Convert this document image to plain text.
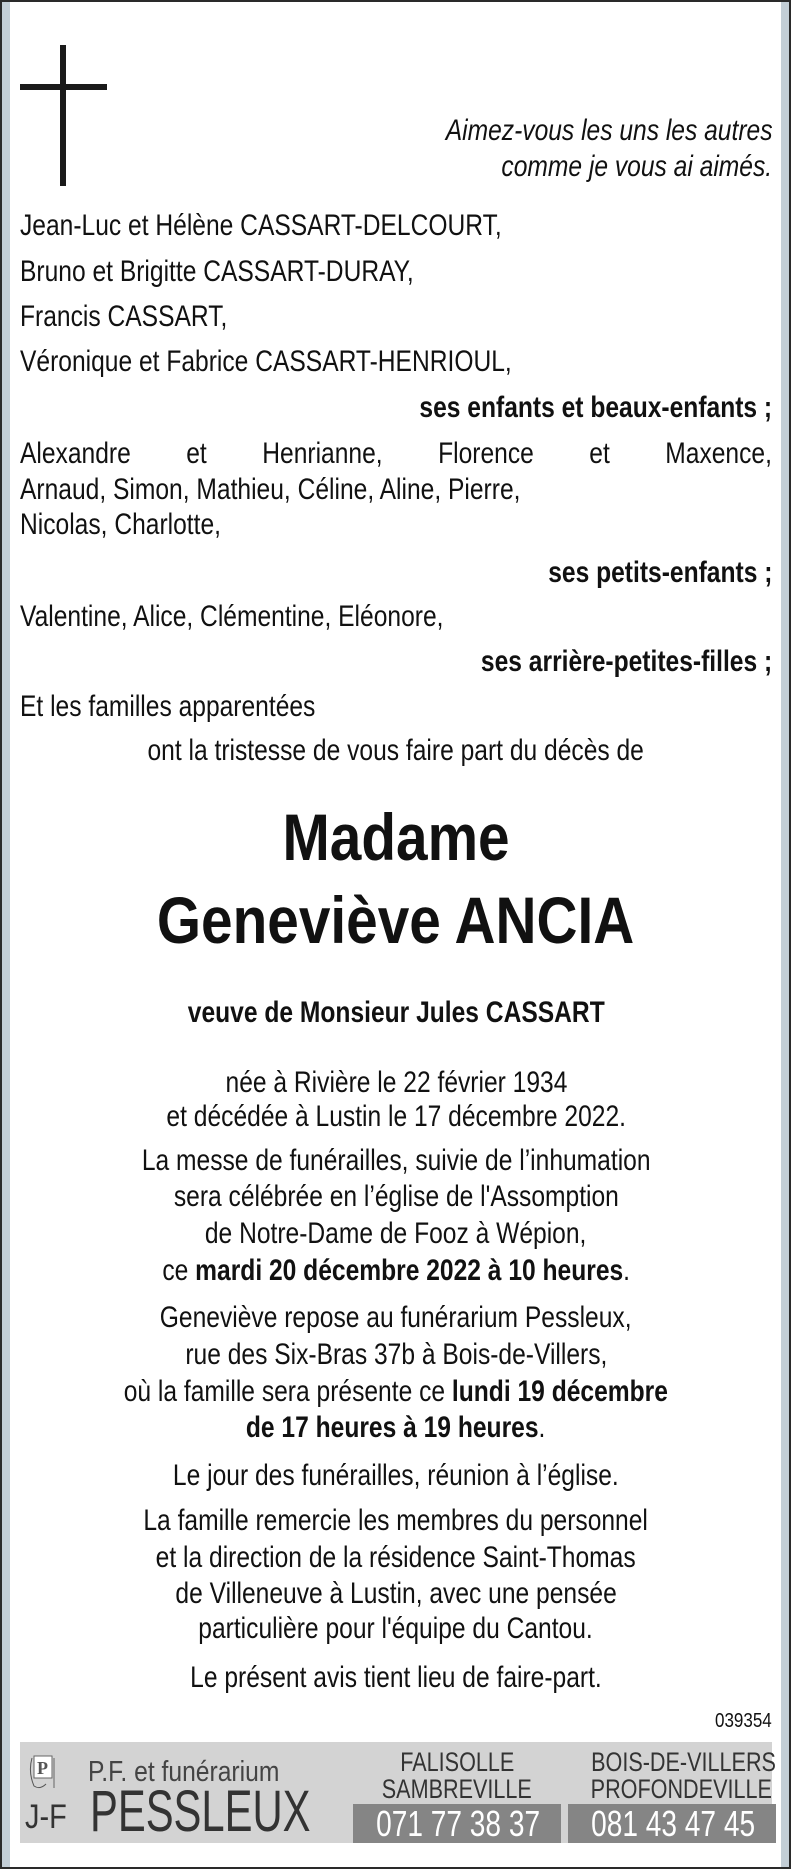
Aimez-vous les uns les autres
comme je vous ai aimés.
Jean-Luc et Hélène CASSART-DELCOURT,
Bruno et Brigitte CASSART-DURAY,
Francis CASSART,
Véronique et Fabrice CASSART-HENRIOUL,
ses enfants et beaux-enfants ;
Alexandre et Henrianne, Florence et Maxence,
Arnaud, Simon, Mathieu, Céline, Aline, Pierre,
Nicolas, Charlotte,
ses petits-enfants ;
Valentine, Alice, Clémentine, Eléonore,
ses arrière-petites-filles ;
Et les familles apparentées
ont la tristesse de vous faire part du décès de
Madame
Geneviève ANCIA
veuve de Monsieur Jules CASSART
née à Rivière le 22 février 1934
et décédée à Lustin le 17 décembre 2022.
La messe de funérailles, suivie de l’inhumation
sera célébrée en l’église de l'Assomption
de Notre-Dame de Fooz à Wépion,
ce mardi 20 décembre 2022 à 10 heures.
Geneviève repose au funérarium Pessleux,
rue des Six-Bras 37b à Bois-de-Villers,
où la famille sera présente ce lundi 19 décembre
de 17 heures à 19 heures.
Le jour des funérailles, réunion à l’église.
La famille remercie les membres du personnel
et la direction de la résidence Saint-Thomas
de Villeneuve à Lustin, avec une pensée
particulière pour l'équipe du Cantou.
Le présent avis tient lieu de faire-part.
039354
P P.F. et funérarium
J-F PESSLEUX
FALISOLLE
SAMBREVILLE
071 77 38 37
BOIS-DE-VILLERS
PROFONDEVILLE
081 43 47 45
